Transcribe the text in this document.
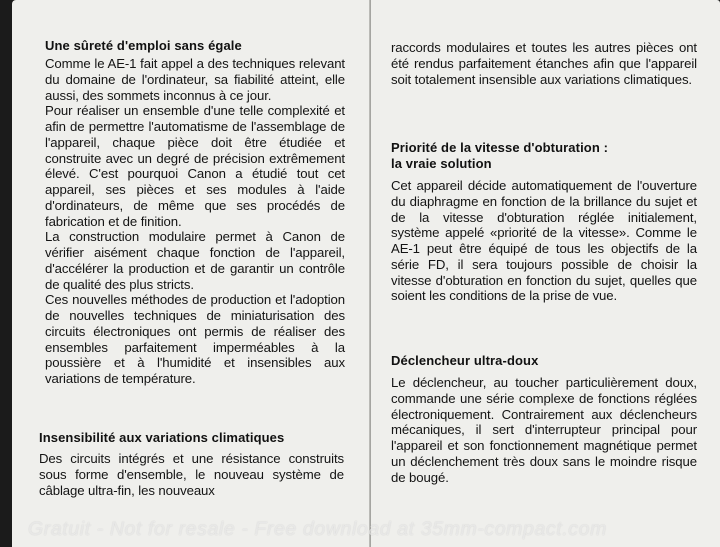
Une sûreté d'emploi sans égale

Comme le AE-1 fait appel a des techniques relevant du domaine de l'ordinateur, sa fiabilité atteint, elle aussi, des sommets inconnus à ce jour.

Pour réaliser un ensemble d'une telle complexité et afin de permettre l'automatisme de l'assemblage de l'appareil, chaque pièce doit être étudiée et construite avec un degré de précision extrêmement élevé. C'est pourquoi Canon a étudié tout cet appareil, ses pièces et ses modules à l'aide d'ordinateurs, de même que ses procédés de fabrication et de finition.

La construction modulaire permet à Canon de vérifier aisément chaque fonction de l'appareil, d'accélérer la production et de garantir un contrôle de qualité des plus stricts.

Ces nouvelles méthodes de production et l'adoption de nouvelles techniques de miniaturisation des circuits électroniques ont permis de réaliser des ensembles parfaitement imperméables à la poussière et à l'humidité et insensibles aux variations de température.

Insensibilité aux variations climatiques

Des circuits intégrés et une résistance construits sous forme d'ensemble, le nouveau système de câblage ultra-fin, les nouveaux

raccords modulaires et toutes les autres pièces ont été rendus parfaitement étanches afin que l'appareil soit totalement insensible aux variations climatiques.

Priorité de la vitesse d'obturation :
la vraie solution

Cet appareil décide automatiquement de l'ouverture du diaphragme en fonction de la brillance du sujet et de la vitesse d'obturation réglée initialement, système appelé «priorité de la vitesse». Comme le AE-1 peut être équipé de tous les objectifs de la série FD, il sera toujours possible de choisir la vitesse d'obturation en fonction du sujet, quelles que soient les conditions de la prise de vue.

Déclencheur ultra-doux

Le déclencheur, au toucher particulièrement doux, commande une série complexe de fonctions réglées électroniquement. Contrairement aux déclencheurs mécaniques, il sert d'interrupteur principal pour l'appareil et son fonctionnement magnétique permet un déclenchement très doux sans le moindre risque de bougé.

Gratuit - Not for resale - Free download at 35mm-compact.com
